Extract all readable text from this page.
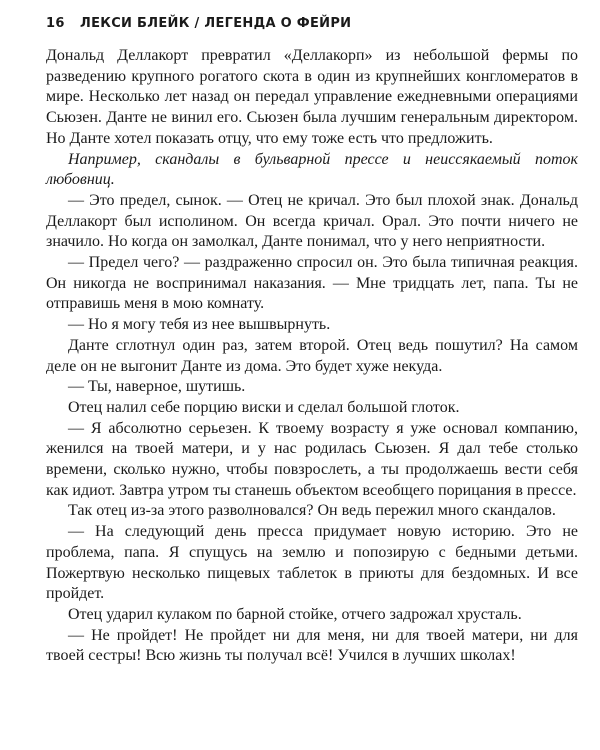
16 ЛЕКСИ БЛЕЙК / ЛЕГЕНДА О ФЕЙРИ

Дональд Деллакорт превратил «Деллакорп» из небольшой фермы по разведению крупного рогатого скота в один из крупнейших конгломератов в мире. Несколько лет назад он передал управление ежедневными операциями Сьюзен. Данте не винил его. Сьюзен была лучшим генеральным директором. Но Данте хотел показать отцу, что ему тоже есть что предложить.

Например, скандалы в бульварной прессе и неиссякаемый поток любовниц.

— Это предел, сынок. — Отец не кричал. Это был плохой знак. Дональд Деллакорт был исполином. Он всегда кричал. Орал. Это почти ничего не значило. Но когда он замолкал, Данте понимал, что у него неприятности.

— Предел чего? — раздраженно спросил он. Это была типичная реакция. Он никогда не воспринимал наказания. — Мне тридцать лет, папа. Ты не отправишь меня в мою комнату.

— Но я могу тебя из нее вышвырнуть.

Данте сглотнул один раз, затем второй. Отец ведь пошутил? На самом деле он не выгонит Данте из дома. Это будет хуже некуда.

— Ты, наверное, шутишь.

Отец налил себе порцию виски и сделал большой глоток.

— Я абсолютно серьезен. К твоему возрасту я уже основал компанию, женился на твоей матери, и у нас родилась Сьюзен. Я дал тебе столько времени, сколько нужно, чтобы повзрослеть, а ты продолжаешь вести себя как идиот. Завтра утром ты станешь объектом всеобщего порицания в прессе.

Так отец из-за этого разволновался? Он ведь пережил много скандалов.

— На следующий день пресса придумает новую историю. Это не проблема, папа. Я спущусь на землю и попозирую с бедными детьми. Пожертвую несколько пищевых таблеток в приюты для бездомных. И все пройдет.

Отец ударил кулаком по барной стойке, отчего задрожал хрусталь.

— Не пройдет! Не пройдет ни для меня, ни для твоей матери, ни для твоей сестры! Всю жизнь ты получал всё! Учился в лучших школах!
